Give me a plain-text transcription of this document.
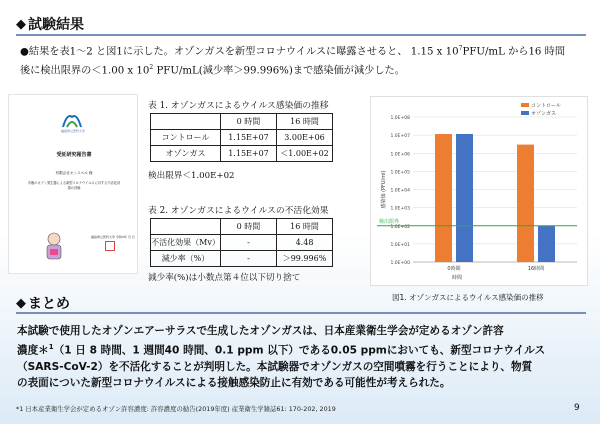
◆ 試験結果
●結果を表1～2 と図1に示した。オゾンガスを新型コロナウイルスに曝露させると、 1.15 x $10^7PFU/mL$ から16 時間
後に検出限界の＜1.00 x $10^2$ PFU/mL(減少率＞99.996%)まで感染価が減少した。
福島県立医科大学
受託研究報告書
有限会社オンスペル 様
市販のオゾン発生器による新型コロナウイルスに対する不活化効果の評価
福島県立医科大学 令和2年 月 日
表 1. オゾンガスによるウイルス感染価の推移
	0 時間	16 時間
コントロール	1.15E+07	3.00E+06
オゾンガス	1.15E+07	＜1.00E+02
検出限界＜1.00E+02
表 2. オゾンガスによるウイルスの不活化効果
	0 時間	16 時間
不活化効果（Mv）	-	4.48
減少率（%）	-	＞99.996%
減少率(%)は小数点第４位以下切り捨て
1.0E+08
1.0E+07
1.0E+06
1.0E+05
1.0E+04
1.0E+03
1.0E+02
1.0E+01
1.0E+00
感染価 (PFU/ml)
0時間	16時間
時間
検出限界
コントロール
オゾンガス
図1. オゾンガスによるウイルス感染価の推移
◆ まとめ
本試験で使用したオゾンエアーサラスで生成したオゾンガスは、日本産業衛生学会が定めるオゾン許容
濃度＊$^1$（1 日 8 時間、1 週間40 時間、0.1 ppm 以下）である0.05 ppmにおいても、新型コロナウイルス
（SARS-CoV-2）を不活化することが判明した。本試験器でオゾンガスの空間噴霧を行うことにより、物質
の表面についた新型コロナウイルスによる接触感染防止に有効である可能性が考えられた。
*1 日本産業衛生学会が定めるオゾン許容濃度: 許容濃度の勧告(2019年度) 産業衛生学雑誌61: 170-202, 2019	9
